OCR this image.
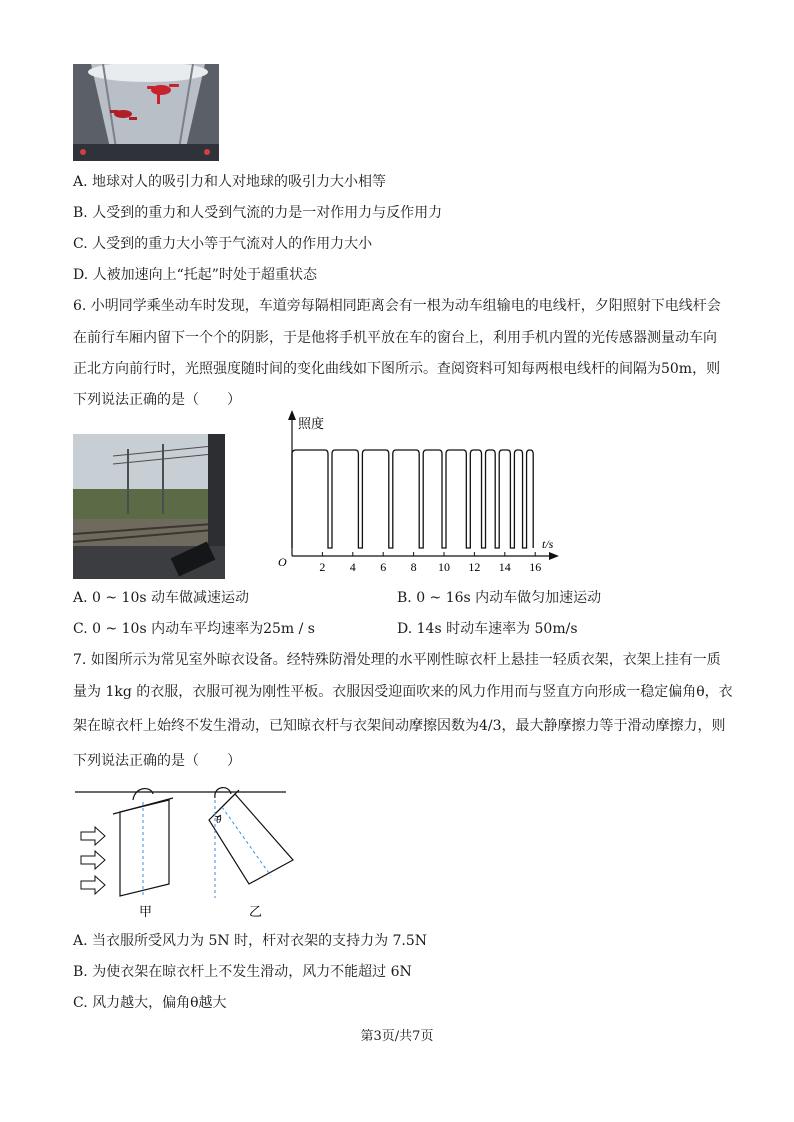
A. 地球对人的吸引力和人对地球的吸引力大小相等
B. 人受到的重力和人受到气流的力是一对作用力与反作用力
C. 人受到的重力大小等于气流对人的作用力大小
D. 人被加速向上“托起”时处于超重状态
6. 小明同学乘坐动车时发现，车道旁每隔相同距离会有一根为动车组输电的电线杆，夕阳照射下电线杆会
在前行车厢内留下一个个的阴影，于是他将手机平放在车的窗台上，利用手机内置的光传感器测量动车向
正北方向前行时，光照强度随时间的变化曲线如下图所示。查阅资料可知每两根电线杆的间隔为50m，则
下列说法正确的是（　　）
照度
t/s
O	2 4 6 8 10 12 14 16
A. 0 ~ 10s 动车做减速运动	B. 0 ~ 16s 内动车做匀加速运动
C. 0 ~ 10s 内动车平均速率为25m / s	D. 14s 时动车速率为 50m/s
7. 如图所示为常见室外晾衣设备。经特殊防滑处理的水平刚性晾衣杆上悬挂一轻质衣架，衣架上挂有一质
量为 1kg 的衣服，衣服可视为刚性平板。衣服因受迎面吹来的风力作用而与竖直方向形成一稳定偏角θ，衣
架在晾衣杆上始终不发生滑动，已知晾衣杆与衣架间动摩擦因数为4/3，最大静摩擦力等于滑动摩擦力，则
下列说法正确的是（　　）
甲
θ
乙
A. 当衣服所受风力为 5N 时，杆对衣架的支持力为 7.5N
B. 为使衣架在晾衣杆上不发生滑动，风力不能超过 6N
C. 风力越大，偏角θ越大
第3页/共7页
